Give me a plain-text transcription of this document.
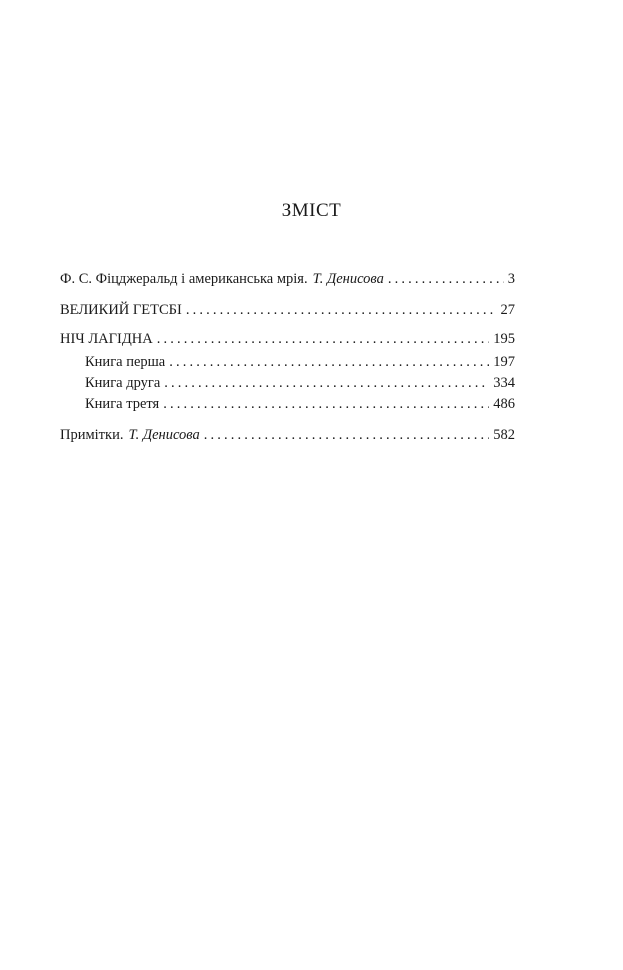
ЗМІСТ
Ф. С. Фіцджеральд і американська мрія. Т. Денисова . . .	3
ВЕЛИКИЙ ГЕТСБІ . . .	27
НІЧ ЛАГІДНА . . .	195
Книга перша . . .	197
Книга друга . . .	334
Книга третя . . .	486
Примітки. Т. Денисова . . .	582
